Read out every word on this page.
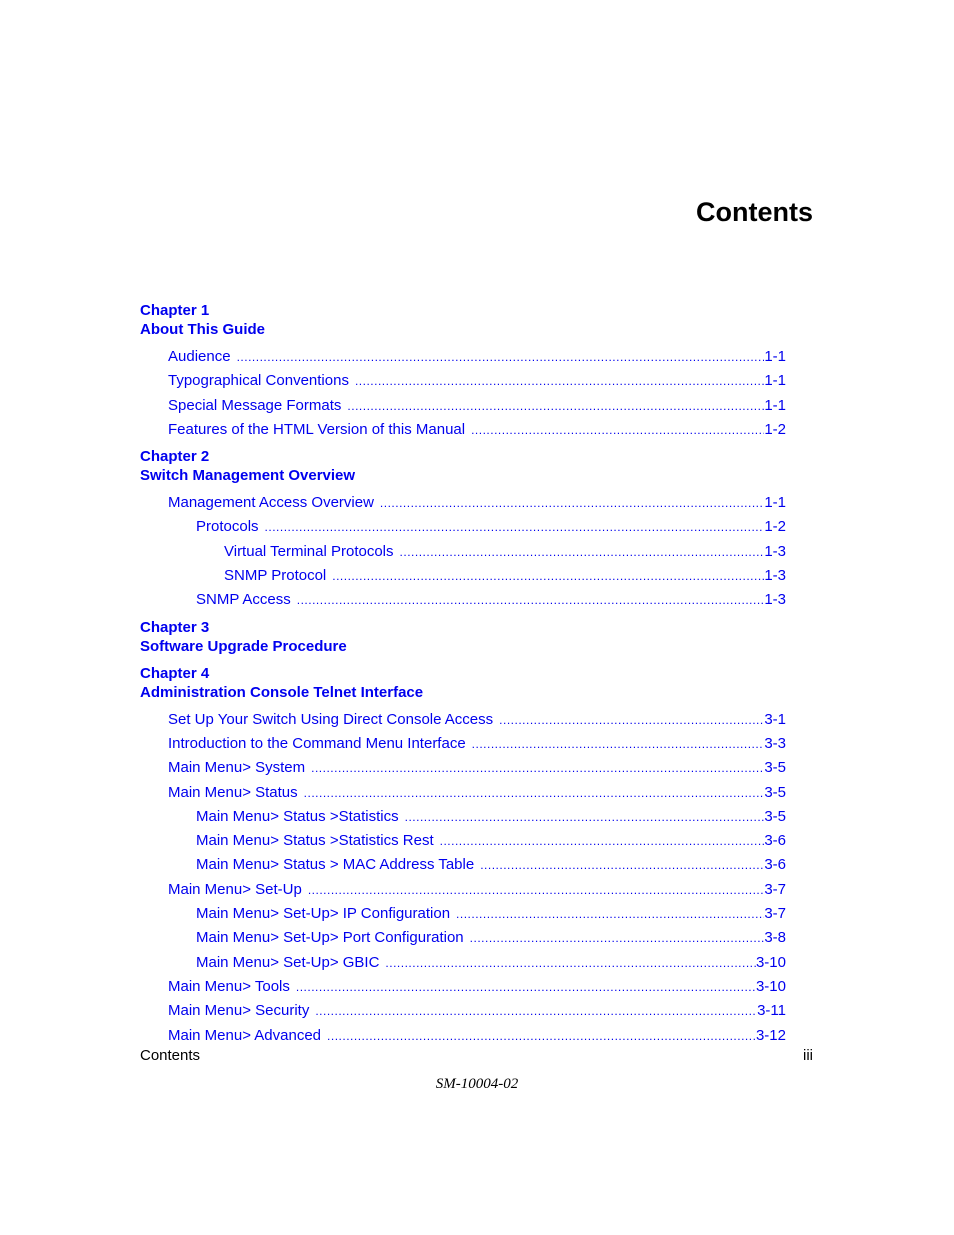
Contents
Chapter 1
About This Guide
Audience .....	1-1
Typographical Conventions .....	1-1
Special Message Formats .....	1-1
Features of the HTML Version of this Manual .....	1-2
Chapter 2
Switch Management Overview
Management Access Overview .....	1-1
Protocols .....	1-2
Virtual Terminal Protocols .....	1-3
SNMP Protocol .....	1-3
SNMP Access .....	1-3
Chapter 3
Software Upgrade Procedure
Chapter 4
Administration Console Telnet Interface
Set Up Your Switch Using Direct Console Access .....	3-1
Introduction to the Command Menu Interface .....	3-3
Main Menu> System .....	3-5
Main Menu> Status .....	3-5
Main Menu> Status >Statistics .....	3-5
Main Menu> Status >Statistics Rest .....	3-6
Main Menu> Status > MAC Address Table .....	3-6
Main Menu> Set-Up .....	3-7
Main Menu> Set-Up> IP Configuration .....	3-7
Main Menu> Set-Up> Port Configuration .....	3-8
Main Menu> Set-Up> GBIC .....	3-10
Main Menu> Tools .....	3-10
Main Menu> Security .....	3-11
Main Menu> Advanced .....	3-12
Contents	iii
SM-10004-02
